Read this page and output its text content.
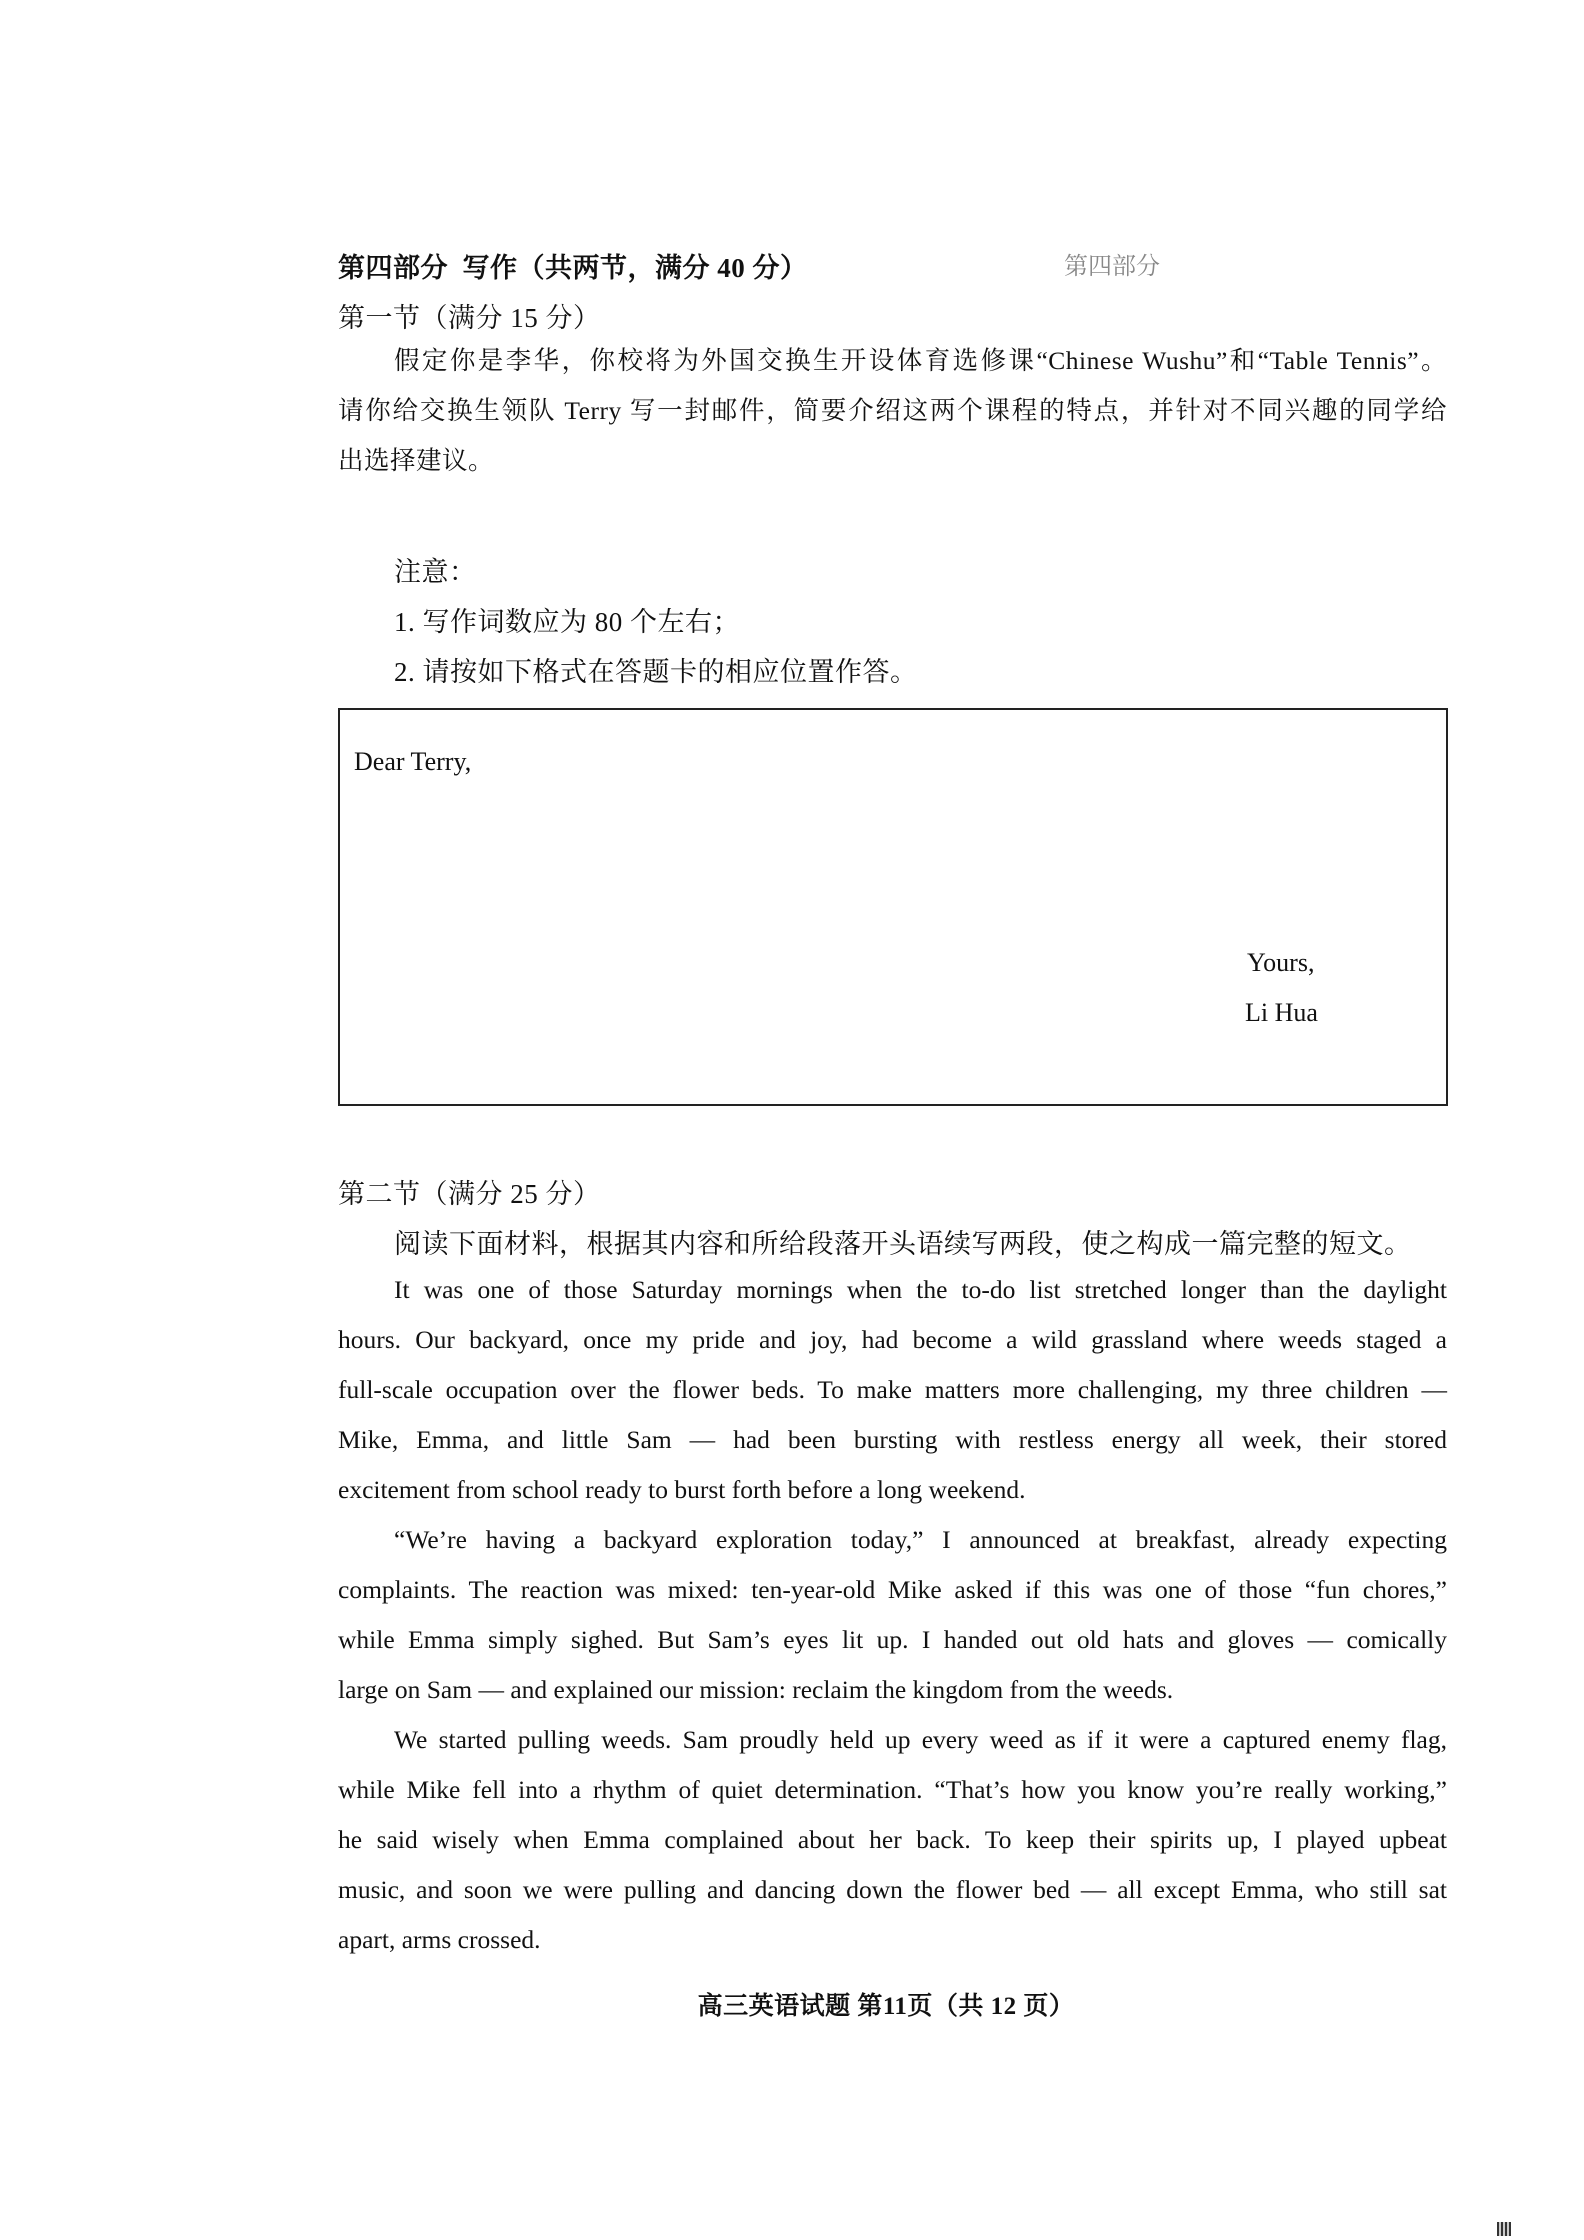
第四部分  写作（共两节，满分 40 分）	第四部分
第一节（满分 15 分）
假定你是李华，你校将为外国交换生开设体育选修课“Chinese Wushu”和“Table Tennis”。
请你给交换生领队 Terry 写一封邮件，简要介绍这两个课程的特点，并针对不同兴趣的同学给
出选择建议。
注意：
1. 写作词数应为 80 个左右；
2. 请按如下格式在答题卡的相应位置作答。
Dear Terry,
Yours,
Li Hua
第二节（满分 25 分）
阅读下面材料，根据其内容和所给段落开头语续写两段，使之构成一篇完整的短文。
It was one of those Saturday mornings when the to-do list stretched longer than the daylight
hours. Our backyard, once my pride and joy, had become a wild grassland where weeds staged a
full-scale occupation over the flower beds. To make matters more challenging, my three children —
Mike, Emma, and little Sam — had been bursting with restless energy all week, their stored
excitement from school ready to burst forth before a long weekend.
“We’re having a backyard exploration today,” I announced at breakfast, already expecting
complaints. The reaction was mixed: ten-year-old Mike asked if this was one of those “fun chores,”
while Emma simply sighed. But Sam’s eyes lit up. I handed out old hats and gloves — comically
large on Sam — and explained our mission: reclaim the kingdom from the weeds.
We started pulling weeds. Sam proudly held up every weed as if it were a captured enemy flag,
while Mike fell into a rhythm of quiet determination. “That’s how you know you’re really working,”
he said wisely when Emma complained about her back. To keep their spirits up, I played upbeat
music, and soon we were pulling and dancing down the flower bed — all except Emma, who still sat
apart, arms crossed.
高三英语试题 第11页（共 12 页）
